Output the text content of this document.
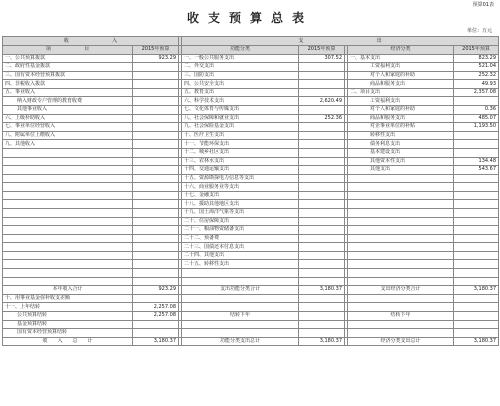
预算01表
收支预算总表
单位：万元
收          入			支                出				
项        目	2015年预算		功能分类	2015年预算		经济分类	2015年预算
一、公共预算拨款	923.29		一、一般公共服务支出	307.52		一、基本支出	823.29
二、政府性基金拨款			二、外交支出			工资福利支出	521.04
三、国有资本经营预算拨款			三、国防支出			对个人和家庭的补助	252.32
四、非税收入拨款			四、公共安全支出			商品和服务支出	49.93
五、事业收入			五、教育支出			二、项目支出	2,357.08
纳入财政专户管理的教育收费			六、科学技术支出	2,620.49		工资福利支出	
其他事业收入			七、文化体育与传媒支出			对个人和家庭的补助	0.36
六、上级补助收入			八、社会保障和就业支出	252.36		商品和服务支出	485.07
七、事业单位经营收入			九、社会保险基金支出			对企事业单位的补贴	1,193.50
八、附属单位上缴收入			十、医疗卫生支出			转移性支出	
九、其他收入			十一、节能环保支出			债务利息支出	
			十二、城乡社区支出			基本建设支出	
			十三、农林水支出			其他资本性支出	134.48
			十四、交通运输支出			其他支出	543.67
			十五、资源勘探电力信息等支出				
			十六、商业服务业等支出				
			十七、金融支出				
			十八、援助其他地区支出				
			十九、国土海洋气象等支出				
			二十、住房保障支出				
			二十一、粮油物资储备支出				
			二十二、预备费				
			二十三、国债还本付息支出				
			二十四、其他支出				
			二十五、转移性支出				

本年收入合计	923.29		支出功能分类合计	3,180.37		支出经济分类合计	3,180.37
十、用事业基金弥补收支差额							
十一、上年结转	2,257.08						
公共预算结转	2,257.08		结转下年			结转下年	
基金预算结转							
国有资本经营预算结转							
收　　入　　总　　计	3,180.37		功能分类支出总计	3,180.37		经济分类支出总计	3,180.37
